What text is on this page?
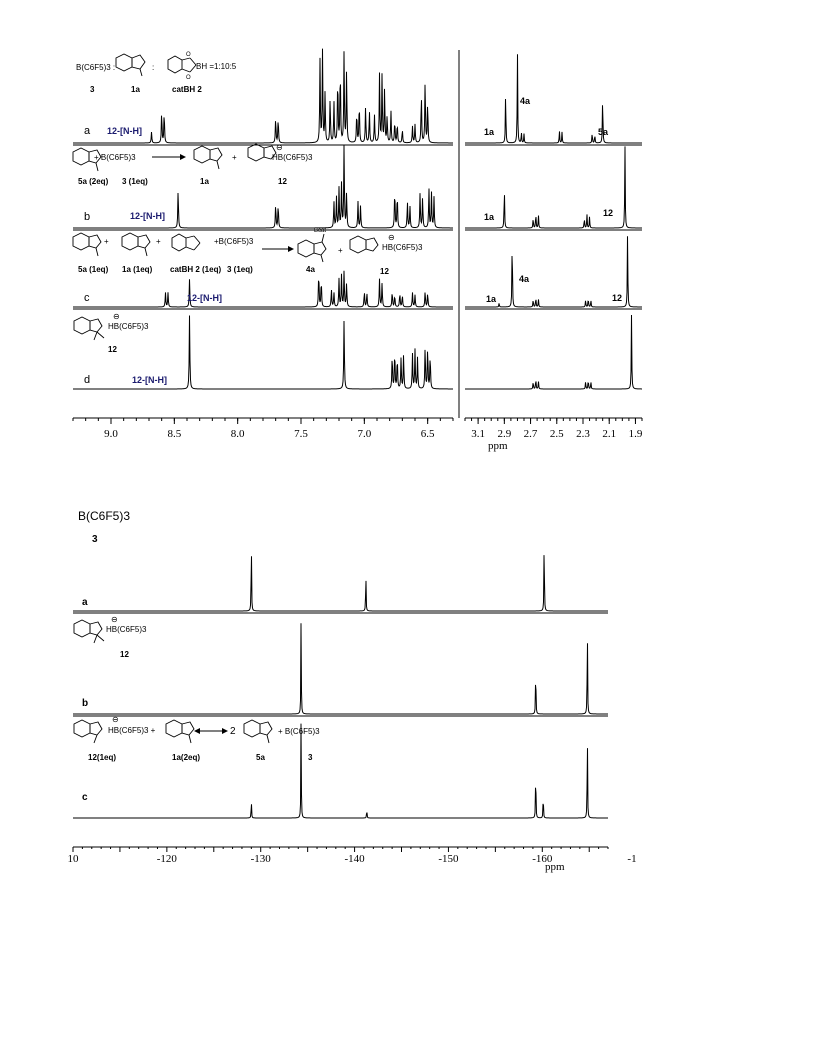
9.0	8.5	8.0	7.5	7.0	6.5	3.1 2.9 2.7 2.5 2.3 2.1 1.9
10	-120	-130	-140	-150	-160	-1
a
b
c
d
12-[N-H]
12-[N-H]
12-[N-H]
12-[N-H]
1a
4a
5a
1a	12
1a
4a
12
B(C6F5)3 :	:
O
O
BH =1:10:5
3	1a	catBH 2
+ B(C6F5)3	+	HB(C6F5)3
⊖
5a (2eq) 3 (1eq)	1a	12
+	+	+B(C6F5)3
Bcat
+	HB(C6F5)3
⊖
5a (1eq) 1a (1eq) catBH 2 (1eq) 3 (1eq)	4a	12
HB(C6F5)3
⊖
12
ppm
B(C6F5)3
3
a
b
c
HB(C6F5)3
⊖
12
HB(C6F5)3 +
⊖
2	+ B(C6F5)3
12(1eq)	1a(2eq)	5a	3
ppm
